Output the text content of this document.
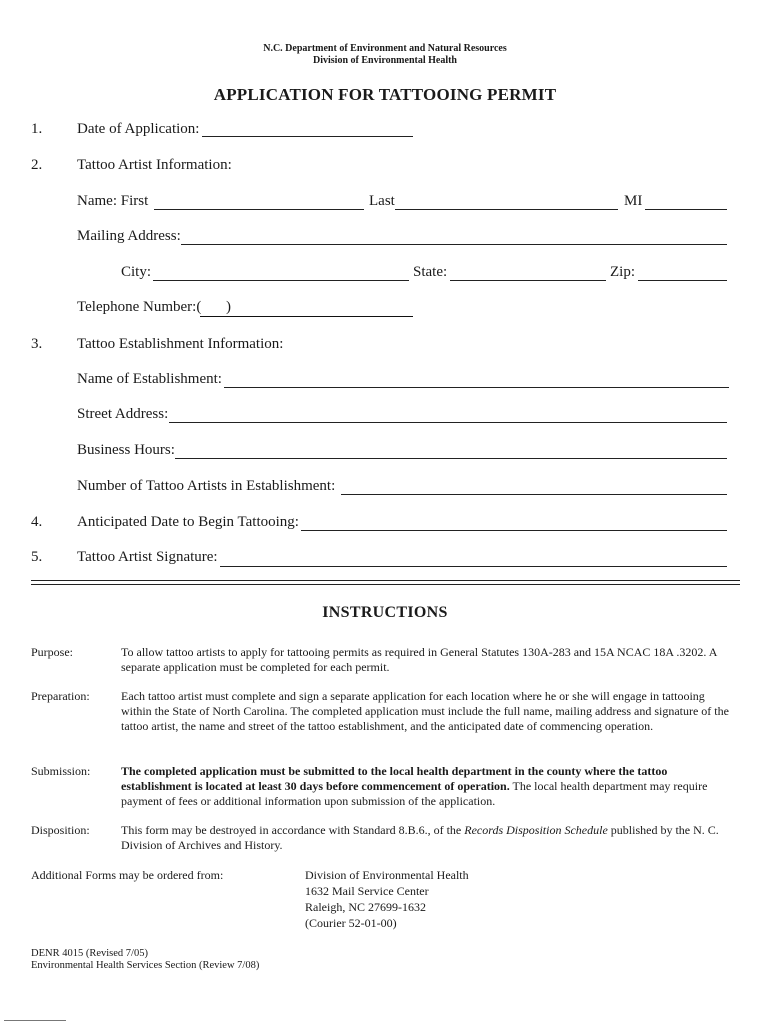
N.C. Department of Environment and Natural Resources
Division of Environmental Health
APPLICATION FOR TATTOOING PERMIT
1. Date of Application:
2. Tattoo Artist Information:
Name: First	Last	MI
Mailing Address:
City:	State:	Zip:
Telephone Number:( )
3. Tattoo Establishment Information:
Name of Establishment:
Street Address:
Business Hours:
Number of Tattoo Artists in Establishment:
4. Anticipated Date to Begin Tattooing:
5. Tattoo Artist Signature:
INSTRUCTIONS
Purpose:	To allow tattoo artists to apply for tattooing permits as required in General Statutes 130A-283 and 15A NCAC 18A .3202. A separate application must be completed for each permit.
Preparation:	Each tattoo artist must complete and sign a separate application for each location where he or she will engage in tattooing within the State of North Carolina. The completed application must include the full name, mailing address and signature of the tattoo artist, the name and street of the tattoo establishment, and the anticipated date of commencing operation.
Submission:	The completed application must be submitted to the local health department in the county where the tattoo establishment is located at least 30 days before commencement of operation. The local health department may require payment of fees or additional information upon submission of the application.
Disposition:	This form may be destroyed in accordance with Standard 8.B.6., of the Records Disposition Schedule published by the N. C. Division of Archives and History.
Additional Forms may be ordered from:	Division of Environmental Health
1632 Mail Service Center
Raleigh, NC 27699-1632
(Courier 52-01-00)
DENR 4015 (Revised 7/05)
Environmental Health Services Section (Review 7/08)
